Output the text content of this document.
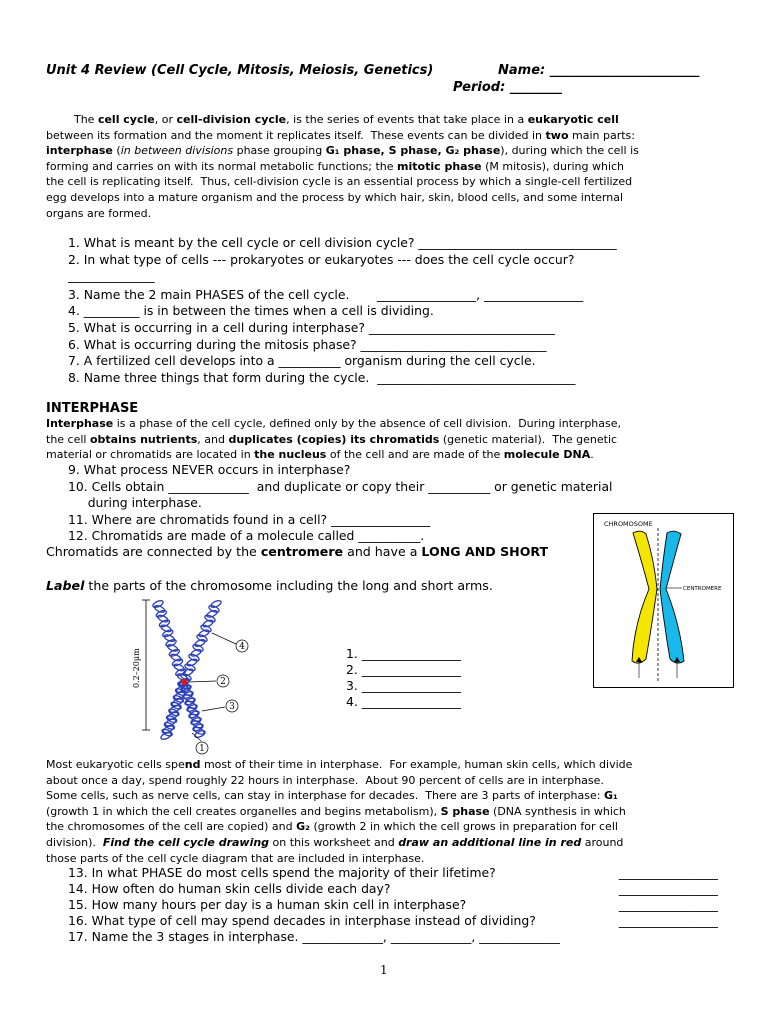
Unit 4 Review (Cell Cycle, Mitosis, Meiosis, Genetics)	Name: _______________________
Period: ________
The cell cycle, or cell-division cycle, is the series of events that take place in a eukaryotic cell
between its formation and the moment it replicates itself.  These events can be divided in two main parts:
interphase (in between divisions phase grouping G₁ phase, S phase, G₂ phase), during which the cell is
forming and carries on with its normal metabolic functions; the mitotic phase (M mitosis), during which
the cell is replicating itself.  Thus, cell-division cycle is an essential process by which a single-cell fertilized
egg develops into a mature organism and the process by which hair, skin, blood cells, and some internal
organs are formed.
1. What is meant by the cell cycle or cell division cycle? ________________________________
2. In what type of cells --- prokaryotes or eukaryotes --- does the cell cycle occur?
______________
3. Name the 2 main PHASES of the cell cycle.       ________________, ________________
4. _________ is in between the times when a cell is dividing.
5. What is occurring in a cell during interphase? ______________________________
6. What is occurring during the mitosis phase? ______________________________
7. A fertilized cell develops into a __________ organism during the cell cycle.
8. Name three things that form during the cycle.  ________________________________
INTERPHASE
Interphase is a phase of the cell cycle, defined only by the absence of cell division.  During interphase,
the cell obtains nutrients, and duplicates (copies) its chromatids (genetic material).  The genetic
material or chromatids are located in the nucleus of the cell and are made of the molecule DNA.
9. What process NEVER occurs in interphase?
10. Cells obtain _____________  and duplicate or copy their __________ or genetic material
during interphase.
11. Where are chromatids found in a cell? ________________
12. Chromatids are made of a molecule called __________.
Chromatids are connected by the centromere and have a LONG AND SHORT
Label the parts of the chromosome including the long and short arms.
0.2–20μm
1
2
3
4	1. ________________
2. ________________
3. ________________
4. ________________
CHROMOSOME
CENTROMERE
Most eukaryotic cells spend most of their time in interphase.  For example, human skin cells, which divide
about once a day, spend roughly 22 hours in interphase.  About 90 percent of cells are in interphase.
Some cells, such as nerve cells, can stay in interphase for decades.  There are 3 parts of interphase: G₁
(growth 1 in which the cell creates organelles and begins metabolism), S phase (DNA synthesis in which
the chromosomes of the cell are copied) and G₂ (growth 2 in which the cell grows in preparation for cell
division).  Find the cell cycle drawing on this worksheet and draw an additional line in red around
those parts of the cell cycle diagram that are included in interphase.
13. In what PHASE do most cells spend the majority of their lifetime?	________________
14. How often do human skin cells divide each day?	________________
15. How many hours per day is a human skin cell in interphase?	________________
16. What type of cell may spend decades in interphase instead of dividing?	________________
17. Name the 3 stages in interphase. _____________, _____________, _____________
1
